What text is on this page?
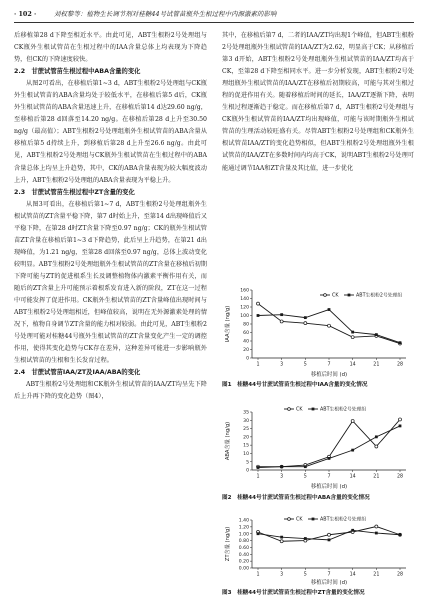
· 102 ·	刘权黎等：植物生长调节剂对桂糖44号试管苗瓶外生根过程中内源激素的影响

后移植第28 d下降至相近水平。由此可见，ABT生根粉2号处理组与CK瓶外生根试管苗在生根过程中的IAA含量总体上均表现为下降趋势，但CK的下降速度较快。

2.2　甘蔗试管苗生根过程中ABA含量的变化

从图2可看出，在移植后第1~3 d，ABT生根粉2号处理组与CK瓶外生根试管苗的ABA含量均处于较低水平，在移植后第5 d后，CK瓶外生根试管苗的ABA含量迅速上升，在移植后第14 d达29.60 ng/g，至移植后第28 d回落至14.20 ng/g。在移植后第28 d上升至30.50 ng/g（最高值）；ABT生根粉2号处理组瓶外生根试管苗的ABA含量从移植后第5 d持续上升，到移植后第28 d上升至26.6 ng/g。由此可见，ABT生根粉2号处理组与CK瓶外生根试管苗在生根过程中的ABA含量总体上均呈上升趋势，其中，CK的ABA含量表现为较大幅度波动上升，ABT生根粉2号处理组的ABA含量表现为平稳上升。

2.3　甘蔗试管苗生根过程中ZT含量的变化

从图3可看出，在移植后第1~7 d，ABT生根粉2号处理组瓶外生根试管苗的ZT含量平稳下降，第7 d时始上升，至第14 d出现峰值后又平稳下降，在第28 d时ZT含量下降至0.97 ng/g；CK的瓶外生根试管苗ZT含量在移植后第1~3 d下降趋势，此后呈上升趋势，在第21 d出现峰值，为1.21 ng/g，至第28 d回落至0.97 ng/g，总体上波动变化较明显。ABT生根粉2号处理组瓶外生根试管苗的ZT含量在移植后初期下降可能与ZT的促进根系生长及调整植物体内激素平衡作用有关，而随后的ZT含量上升可能预示着根系发育进入新的阶段，ZT在这一过程中可能发挥了促进作用。CK瓶外生根试管苗的ZT含量峰值出现时间与ABT生根粉2号处理组相近，但峰值较高，说明在无外源激素处理的情况下，植物自身调节ZT含量的能力相对较弱。由此可见，ABT生根粉2号处理可能对桂糖44号瓶外生根试管苗的ZT含量变化产生一定的调控作用，使得其变化趋势与CK存在差异，这种差异可能进一步影响瓶外生根试管苗的生根和生长发育过程。

2.4　甘蔗试管苗IAA/ZT及IAA/ABA的变化

ABT生根粉2号处理组和CK瓶外生根试管苗的IAA/ZT均呈先下降后上升再下降的变化趋势（图4），

其中，在移植后第7 d，二者的IAA/ZT均出现1个峰值，但ABT生根粉2号处理组瓶外生根试管苗的IAA/ZT为2.62，明显高于CK；从移植后第3 d开始，ABT生根粉2号处理组瓶外生根试管苗的IAA/ZT均高于CK，至第28 d下降至相同水平。进一步分析发现，ABT生根粉2号处理组瓶外生根试管苗的IAA/ZT在移植后初期较高，可能与其对生根过程的促进作用有关。随着移植后时间的延长，IAA/ZT逐渐下降，表明生根过程逐渐趋于稳定。而在移植后第7 d，ABT生根粉2号处理组与CK瓶外生根试管苗的IAA/ZT均出现峰值，可能与该时期瓶外生根试管苗的生理活动较旺盛有关。尽管ABT生根粉2号处理组和CK瓶外生根试管苗IAA/ZT的变化趋势相似，但ABT生根粉2号处理组瓶外生根试管苗的IAA/ZT在多数时间内均高于CK，说明ABT生根粉2号处理可能通过调节IAA和ZT含量及其比值，进一步优化

0
20
40
60
80
100
120
140
160
1	3	5	7	14	21	28
移植后时间 (d)
IAA含量 (ng/g)
CK	ABT生根粉2号处理组
图1　桂糖44号甘蔗试管苗生根过程中IAA含量的变化情况
0
5
10
15
20
25
30
35
1	3	5	7	14	21	28
移植后时间 (d)
ABA含量 (ng/g)
CK	ABT生根粉2号处理组
图2　桂糖44号甘蔗试管苗生根过程中ABA含量的变化情况
0.00
0.20
0.40
0.60
0.80
1.00
1.20
1.40
1	3	5	7	14	21	28
移植后时间 (d)
ZT含量 (ng/g)
CK	ABT生根粉2号处理组
图3　桂糖44号甘蔗试管苗生根过程中ZT含量的变化情况
